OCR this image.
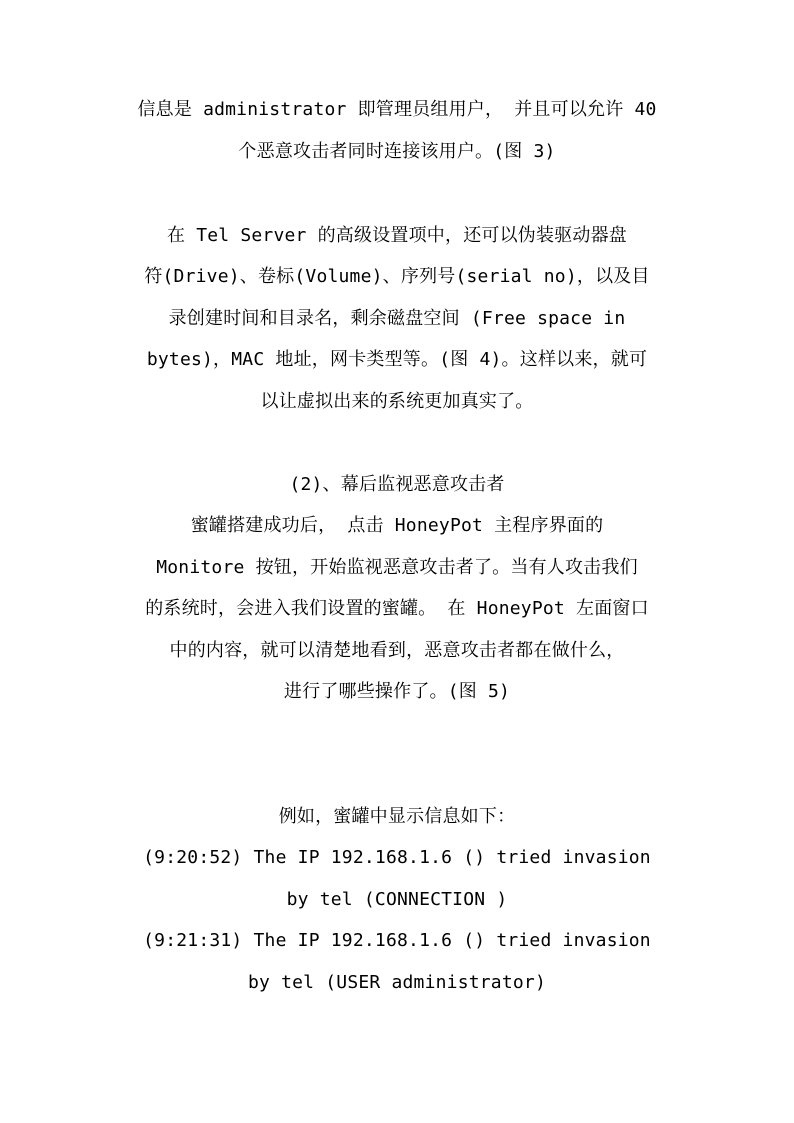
信息是 administrator 即管理员组用户， 并且可以允许 40
个恶意攻击者同时连接该用户。(图 3)
在 Tel Server 的高级设置项中，还可以伪装驱动器盘
符(Drive)、卷标(Volume)、序列号(serial no)，以及目
录创建时间和目录名，剩余磁盘空间 (Free space in
bytes)，MAC 地址，网卡类型等。(图 4)。这样以来，就可
以让虚拟出来的系统更加真实了。
(2)、幕后监视恶意攻击者
蜜罐搭建成功后， 点击 HoneyPot 主程序界面的
Monitore 按钮，开始监视恶意攻击者了。当有人攻击我们
的系统时，会进入我们设置的蜜罐。 在 HoneyPot 左面窗口
中的内容，就可以清楚地看到，恶意攻击者都在做什么，
进行了哪些操作了。(图 5)
例如，蜜罐中显示信息如下：
(9:20:52) The IP 192.168.1.6 () tried invasion
by tel (CONNECTION )
(9:21:31) The IP 192.168.1.6 () tried invasion
by tel (USER administrator)
